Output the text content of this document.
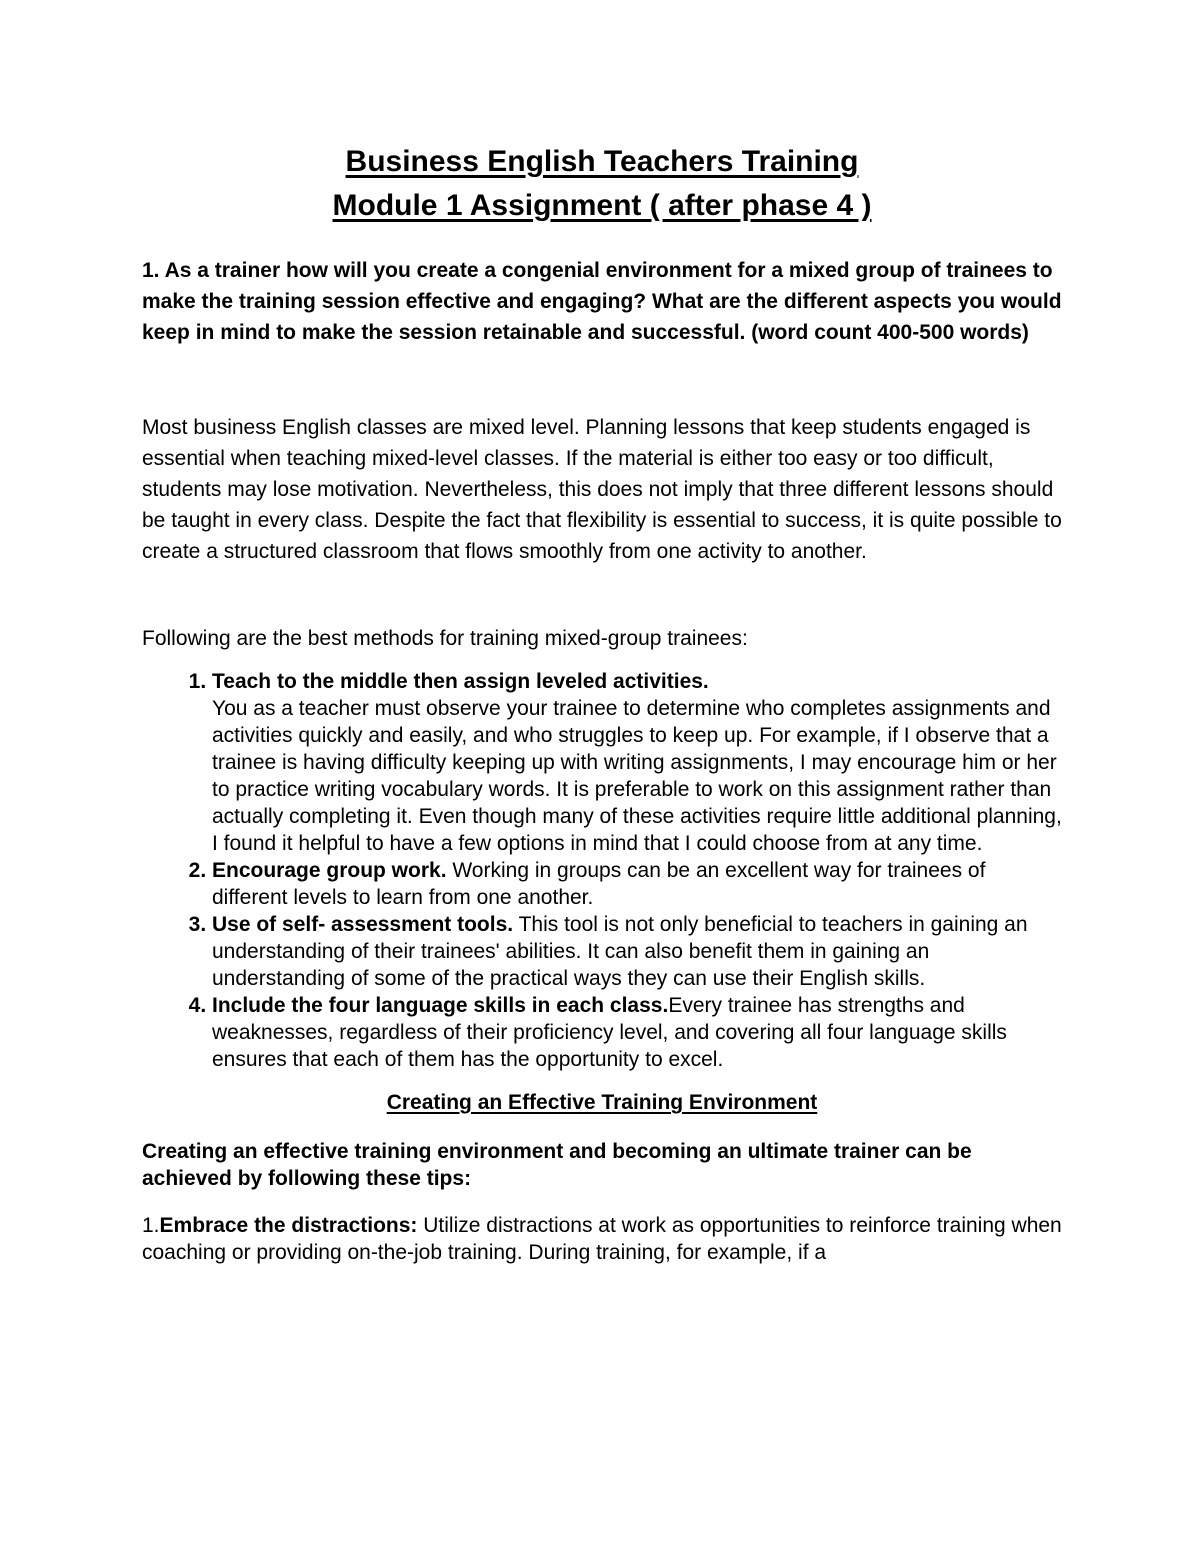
Business English Teachers Training
Module 1 Assignment ( after phase 4 )

1. As a trainer how will you create a congenial environment for a mixed group of trainees to make the training session effective and engaging? What are the different aspects you would keep in mind to make the session retainable and successful. (word count 400-500 words)

Most business English classes are mixed level. Planning lessons that keep students engaged is essential when teaching mixed-level classes. If the material is either too easy or too difficult, students may lose motivation. Nevertheless, this does not imply that three different lessons should be taught in every class. Despite the fact that flexibility is essential to success, it is quite possible to create a structured classroom that flows smoothly from one activity to another.

Following are the best methods for training mixed-group trainees:

1. Teach to the middle then assign leveled activities.
You as a teacher must observe your trainee to determine who completes assignments and activities quickly and easily, and who struggles to keep up. For example, if I observe that a trainee is having difficulty keeping up with writing assignments, I may encourage him or her to practice writing vocabulary words. It is preferable to work on this assignment rather than actually completing it. Even though many of these activities require little additional planning, I found it helpful to have a few options in mind that I could choose from at any time.
2. Encourage group work. Working in groups can be an excellent way for trainees of different levels to learn from one another.
3. Use of self- assessment tools. This tool is not only beneficial to teachers in gaining an understanding of their trainees' abilities. It can also benefit them in gaining an understanding of some of the practical ways they can use their English skills.
4. Include the four language skills in each class.Every trainee has strengths and weaknesses, regardless of their proficiency level, and covering all four language skills ensures that each of them has the opportunity to excel.

Creating an Effective Training Environment

Creating an effective training environment and becoming an ultimate trainer can be achieved by following these tips:

1.Embrace the distractions: Utilize distractions at work as opportunities to reinforce training when coaching or providing on-the-job training. During training, for example, if a
